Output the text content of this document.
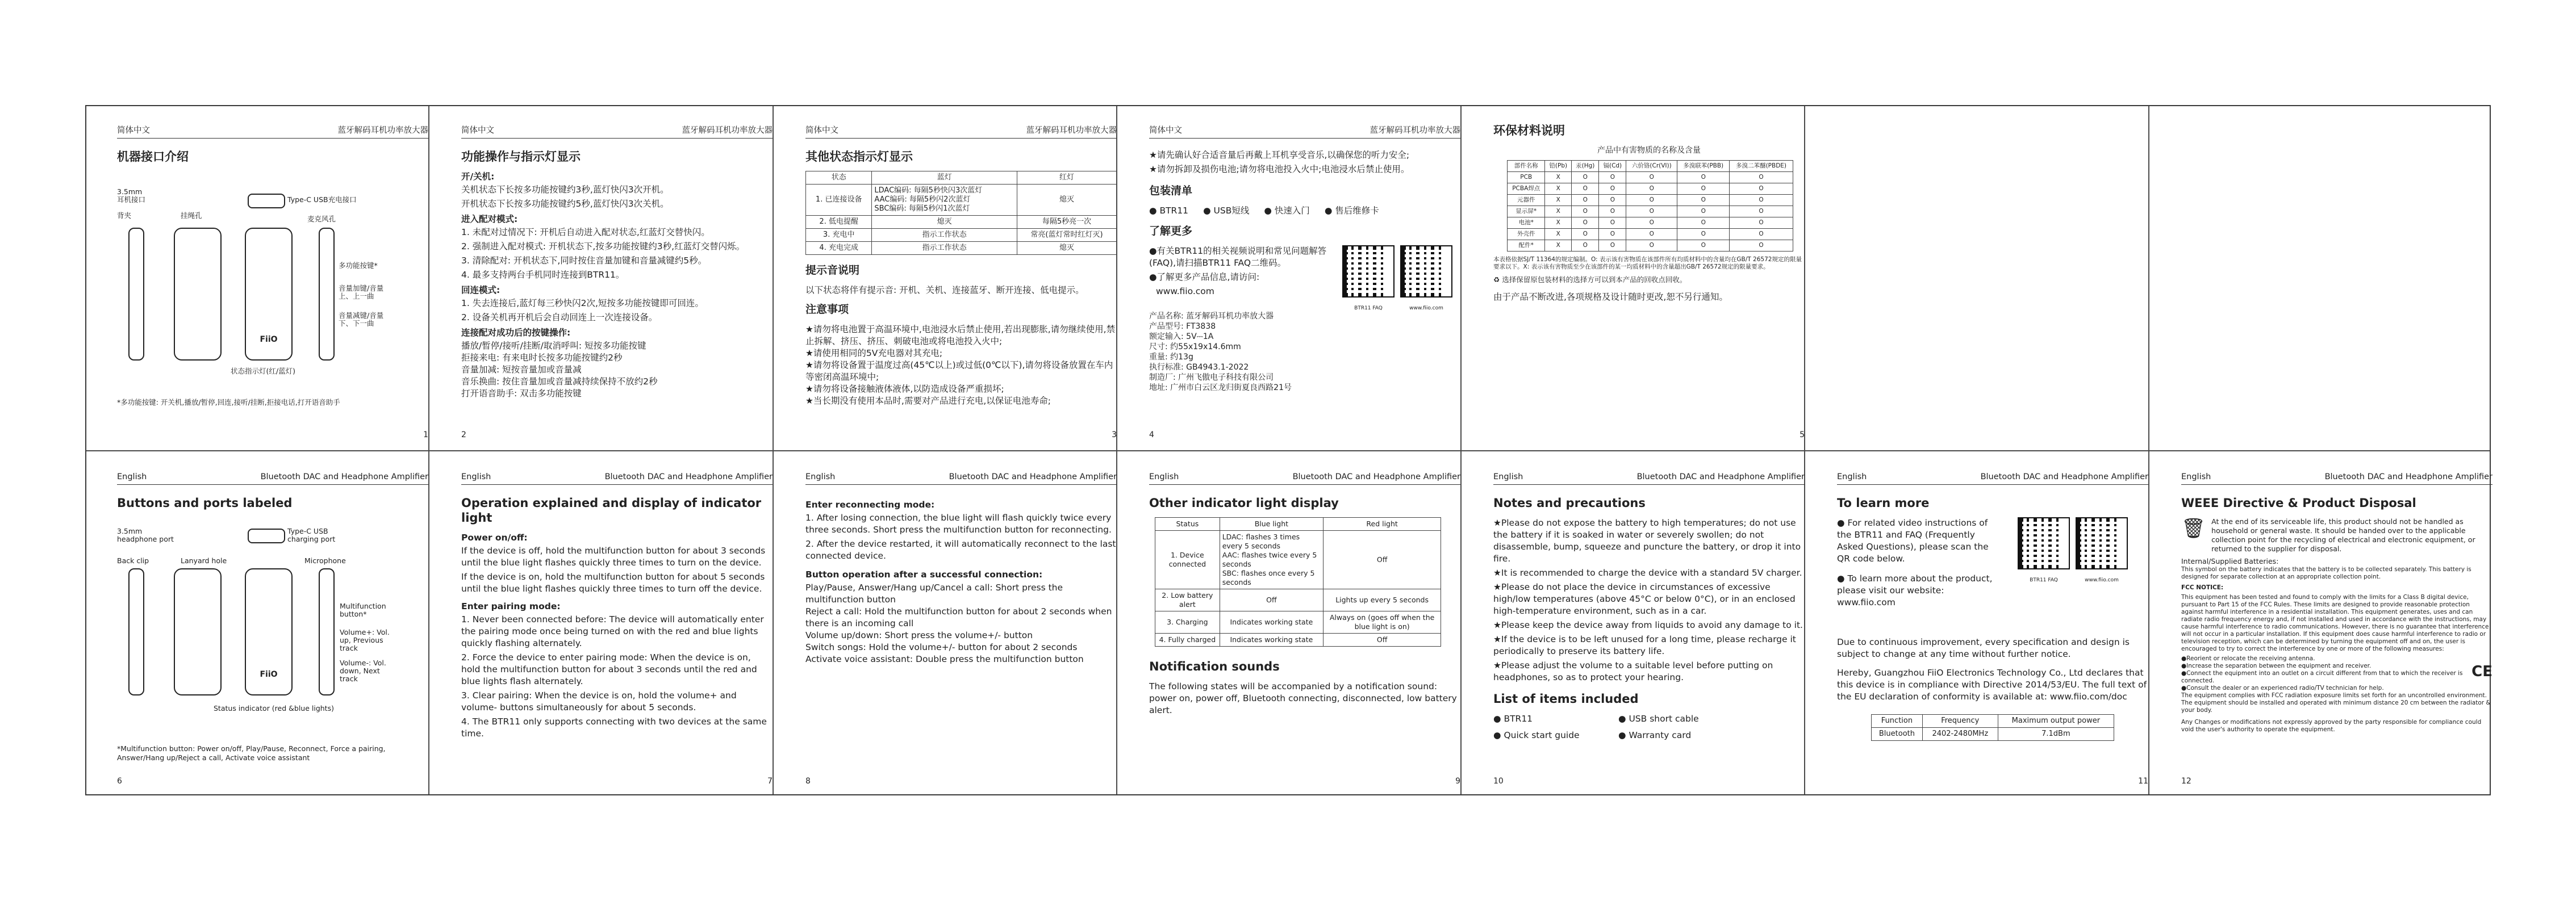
简体中文	蓝牙解码耳机功率放大器
机器接口介绍
FiiO
3.5mm 耳机接口
背夹	挂绳孔
Type-C USB充电接口
麦克风孔
多功能按键*
音量加键/音量上、上一曲
音量减键/音量下、下一曲
状态指示灯(红/蓝灯)

*多功能按键: 开关机,播放/暂停,回连,接听/挂断,拒接电话,打开语音助手

1
简体中文	蓝牙解码耳机功率放大器
功能操作与指示灯显示
开/关机:

关机状态下长按多功能按键约3秒,蓝灯快闪3次开机。

开机状态下长按多功能按键约5秒,蓝灯快闪3次关机。

进入配对模式:

1. 未配对过情况下: 开机后自动进入配对状态,红蓝灯交替快闪。

2. 强制进入配对模式: 开机状态下,按多功能按键约3秒,红蓝灯交替闪烁。

3. 清除配对: 开机状态下,同时按住音量加键和音量减键约5秒。

4. 最多支持两台手机同时连接到BTR11。

回连模式:

1. 失去连接后,蓝灯每三秒快闪2次,短按多功能按键即可回连。

2. 设备关机再开机后会自动回连上一次连接设备。

连接配对成功后的按键操作:

播放/暂停/接听/挂断/取消呼叫: 短按多功能按键

拒接来电: 有来电时长按多功能按键约2秒

音量加减: 短按音量加或音量减

音乐换曲: 按住音量加或音量减持续保持不放约2秒

打开语音助手: 双击多功能按键

2
简体中文	蓝牙解码耳机功率放大器
其他状态指示灯显示
状态	蓝灯	红灯
1. 已连接设备	LDAC编码: 每隔5秒快闪3次蓝灯
AAC编码: 每隔5秒闪2次蓝灯
SBC编码: 每隔5秒闪1次蓝灯	熄灭
2. 低电提醒	熄灭	每隔5秒亮一次
3. 充电中	指示工作状态	常亮(蓝灯常时红灯灭)
4. 充电完成	指示工作状态	熄灭
提示音说明

以下状态将伴有提示音: 开机、关机、连接蓝牙、断开连接、低电提示。

注意事项

★请勿将电池置于高温环境中,电池浸水后禁止使用,若出现膨胀,请勿继续使用,禁止拆解、挤压、挤压、刺破电池或将电池投入火中;

★请使用相同的5V充电器对其充电;

★请勿将设备置于温度过高(45℃以上)或过低(0℃以下),请勿将设备放置在车内等密闭高温环境中;

★请勿将设备接触液体液体,以防造成设备严重损坏;

★当长期没有使用本品时,需要对产品进行充电,以保证电池寿命;

3
简体中文	蓝牙解码耳机功率放大器

★请先确认好合适音量后再戴上耳机享受音乐,以确保您的听力安全;

★请勿拆卸及损伤电池;请勿将电池投入火中;电池浸水后禁止使用。

包装清单
● BTR11 ● USB短线 ● 快速入门 ● 售后维修卡
了解更多

●有关BTR11的相关视频说明和常见问题解答(FAQ),请扫描BTR11 FAQ二维码。

●了解更多产品信息,请访问:

www.fiio.com

BTR11 FAQ	www.fiio.com
产品名称: 蓝牙解码耳机功率放大器
产品型号: FT3838
额定输入: 5V⎓1A
尺寸: 约55x19x14.6mm
重量: 约13g
执行标准: GB4943.1-2022
制造厂: 广州飞傲电子科技有限公司
地址: 广州市白云区龙归街夏良西路21号
4
环保材料说明
产品中有害物质的名称及含量
部件名称	铅(Pb)	汞(Hg)	镉(Cd)	六价铬(Cr(VI))	多溴联苯(PBB)	多溴二苯醚(PBDE)
PCB	X	O	O	O	O	O
PCBA焊点	X	O	O	O	O	O
元器件	X	O	O	O	O	O
显示屏*	X	O	O	O	O	O
电池*	X	O	O	O	O	O
外壳件	X	O	O	O	O	O
配件*	X	O	O	O	O	O

本表格依据SJ/T 11364的规定编制。O: 表示该有害物质在该部件所有均质材料中的含量均在GB/T 26572规定的限量要求以下。X: 表示该有害物质至少在该部件的某一均质材料中的含量超出GB/T 26572规定的限量要求。

♻ 选择保留原包装材料的选择方可以到本产品的回收点回收。

由于产品不断改进,各项规格及设计随时更改,恕不另行通知。

5
English	Bluetooth DAC and Headphone Amplifier
Buttons and ports labeled
FiiO
3.5mm headphone port
Back clip	Lanyard hole
Type-C USB charging port
Microphone
Multifunction button*
Volume+: Vol. up, Previous track
Volume-: Vol. down, Next track
Status indicator (red &blue lights)

*Multifunction button: Power on/off, Play/Pause, Reconnect, Force a pairing, Answer/Hang up/Reject a call, Activate voice assistant

6
English	Bluetooth DAC and Headphone Amplifier
Operation explained and display of indicator light
Power on/off:

If the device is off, hold the multifunction button for about 3 seconds until the blue light flashes quickly three times to turn on the device.

If the device is on, hold the multifunction button for about 5 seconds until the blue light flashes quickly three times to turn off the device.

Enter pairing mode:

1. Never been connected before: The device will automatically enter the pairing mode once being turned on with the red and blue lights quickly flashing alternately.

2. Force the device to enter pairing mode: When the device is on, hold the multifunction button for about 3 seconds until the red and blue lights flash alternately.

3. Clear pairing: When the device is on, hold the volume+ and volume- buttons simultaneously for about 5 seconds.

4. The BTR11 only supports connecting with two devices at the same time.

7
English	Bluetooth DAC and Headphone Amplifier
Enter reconnecting mode:

1. After losing connection, the blue light will flash quickly twice every three seconds. Short press the multifunction button for reconnecting.

2. After the device restarted, it will automatically reconnect to the last connected device.

Button operation after a successful connection:

Play/Pause, Answer/Hang up/Cancel a call: Short press the multifunction button

Reject a call: Hold the multifunction button for about 2 seconds when there is an incoming call

Volume up/down: Short press the volume+/- button

Switch songs: Hold the volume+/- button for about 2 seconds

Activate voice assistant: Double press the multifunction button

8
English	Bluetooth DAC and Headphone Amplifier
Other indicator light display
Status	Blue light	Red light
1. Device connected	LDAC: flashes 3 times every 5 seconds
AAC: flashes twice every 5 seconds
SBC: flashes once every 5 seconds	Off
2. Low battery alert	Off	Lights up every 5 seconds
3. Charging	Indicates working state	Always on (goes off when the blue light is on)
4. Fully charged	Indicates working state	Off
Notification sounds

The following states will be accompanied by a notification sound: power on, power off, Bluetooth connecting, disconnected, low battery alert.

9
English	Bluetooth DAC and Headphone Amplifier
Notes and precautions

★Please do not expose the battery to high temperatures; do not use the battery if it is soaked in water or severely swollen; do not disassemble, bump, squeeze and puncture the battery, or drop it into fire.

★It is recommended to charge the device with a standard 5V charger.

★Please do not place the device in circumstances of excessive high/low temperatures (above 45°C or below 0°C), or in an enclosed high-temperature environment, such as in a car.

★Please keep the device away from liquids to avoid any damage to it.

★If the device is to be left unused for a long time, please recharge it periodically to preserve its battery life.

★Please adjust the volume to a suitable level before putting on headphones, so as to protect your hearing.

List of items included
● BTR11	● USB short cable
● Quick start guide	● Warranty card
10
English	Bluetooth DAC and Headphone Amplifier
To learn more

● For related video instructions of the BTR11 and FAQ (Frequently Asked Questions), please scan the QR code below.

● To learn more about the product, please visit our website: www.fiio.com

BTR11 FAQ	www.fiio.com

Due to continuous improvement, every specification and design is subject to change at any time without further notice.

Hereby, Guangzhou FiiO Electronics Technology Co., Ltd declares that this device is in compliance with Directive 2014/53/EU. The full text of the EU declaration of conformity is available at: www.fiio.com/doc

Function	Frequency	Maximum output power
Bluetooth	2402-2480MHz	7.1dBm
11
English	Bluetooth DAC and Headphone Amplifier
WEEE Directive & Product Disposal
🗑 At the end of its serviceable life, this product should not be handled as household or general waste. It should be handed over to the applicable collection point for the recycling of electrical and electronic equipment, or returned to the supplier for disposal.

Internal/Supplied Batteries:

This symbol on the battery indicates that the battery is to be collected separately. This battery is designed for separate collection at an appropriate collection point.

FCC NOTICE:

This equipment has been tested and found to comply with the limits for a Class B digital device, pursuant to Part 15 of the FCC Rules. These limits are designed to provide reasonable protection against harmful interference in a residential installation. This equipment generates, uses and can radiate radio frequency energy and, if not installed and used in accordance with the instructions, may cause harmful interference to radio communications. However, there is no guarantee that interference will not occur in a particular installation. If this equipment does cause harmful interference to radio or television reception, which can be determined by turning the equipment off and on, the user is encouraged to try to correct the interference by one or more of the following measures:

●Reorient or relocate the receiving antenna.

●Increase the separation between the equipment and receiver.

●Connect the equipment into an outlet on a circuit different from that to which the receiver is connected.

●Consult the dealer or an experienced radio/TV technician for help.

The equipment complies with FCC radiation exposure limits set forth for an uncontrolled environment. The equipment should be installed and operated with minimum distance 20 cm between the radiator & your body.

Any Changes or modifications not expressly approved by the party responsible for compliance could void the user's authority to operate the equipment.

CE
12
